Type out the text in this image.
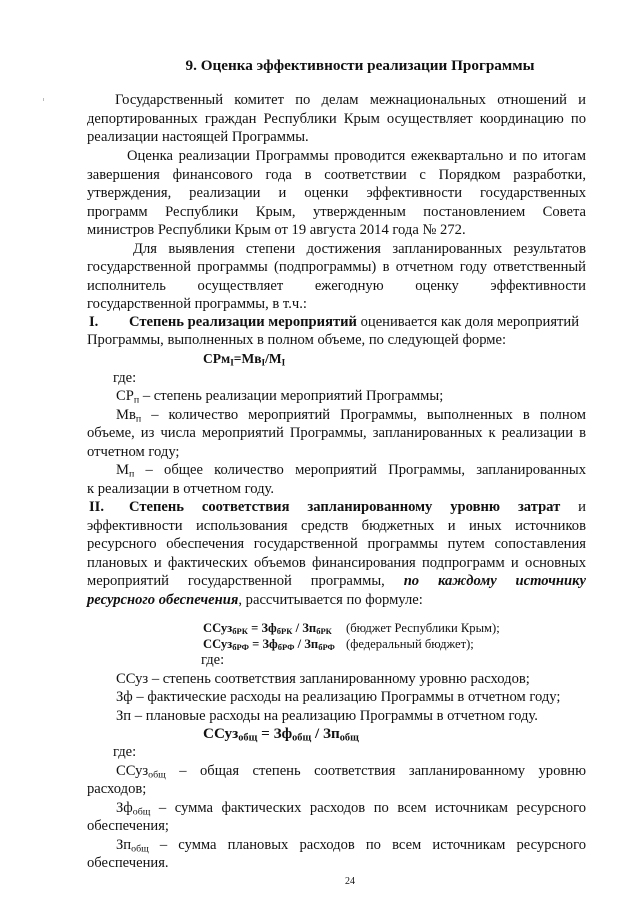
9. Оценка эффективности реализации Программы
Государственный комитет по делам межнациональных отношений и
депортированных граждан Республики Крым осуществляет координацию по
реализации настоящей Программы.
Оценка реализации Программы проводится ежеквартально и по итогам
завершения финансового года в соответствии с Порядком разработки,
утверждения, реализации и оценки эффективности государственных
программ Республики Крым, утвержденным постановлением Совета
министров Республики Крым от 19 августа 2014 года № 272.
Для выявления степени достижения запланированных результатов
государственной программы (подпрограммы) в отчетном году ответственный
исполнитель осуществляет ежегодную оценку эффективности
государственной программы, в т.ч.:
I. Степень реализации мероприятий оценивается как доля мероприятий
Программы, выполненных в полном объеме, по следующей форме:
$СРм_I=Мв_I/М_I$
где:
$СР_п$ – степень реализации мероприятий Программы;
$Мв_п$ – количество мероприятий Программы, выполненных в полном
объеме, из числа мероприятий Программы, запланированных к реализации в
отчетном году;
$М_п$ – общее количество мероприятий Программы, запланированных
к реализации в отчетном году.
II. Степень соответствия запланированному уровню затрат и
эффективности использования средств бюджетных и иных источников
ресурсного обеспечения государственной программы путем сопоставления
плановых и фактических объемов финансирования подпрограмм и основных
мероприятий государственной программы, по каждому источнику
ресурсного обеспечения, рассчитывается по формуле:
ССуз$_{бРК}$ = $Зф_{бРК} / Зп_{бРК}$ (бюджет Республики Крым);
ССуз$_{бРФ}$ = $Зф_{бРФ} / Зп_{бРФ}$ (федеральный бюджет);
где:
ССуз – степень соответствия запланированному уровню расходов;
Зф – фактические расходы на реализацию Программы в отчетном году;
Зп – плановые расходы на реализацию Программы в отчетном году.
ССуз$_{общ}$ = $Зф_{общ} / Зп_{общ}$
где:
ССуз$_{общ}$ – общая степень соответствия запланированному уровню
расходов;
$Зф_{общ}$ – сумма фактических расходов по всем источникам ресурсного
обеспечения;
$Зп_{общ}$ – сумма плановых расходов по всем источникам ресурсного
обеспечения.
24
